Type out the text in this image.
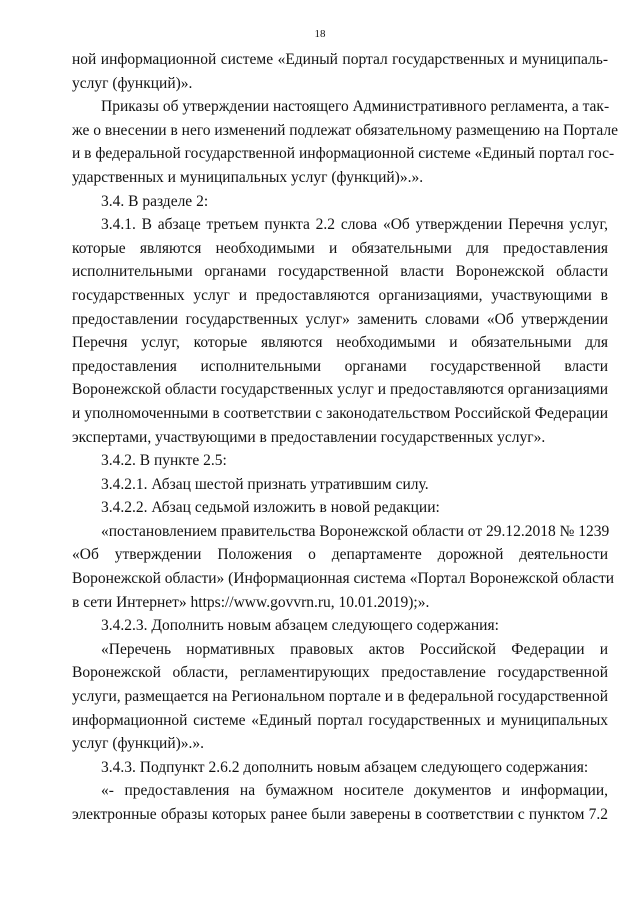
18
ной информационной системе «Единый портал государственных и муниципаль-
услуг (функций)».
Приказы об утверждении настоящего Административного регламента, а так-
же о внесении в него изменений подлежат обязательному размещению на Портале
и в федеральной государственной информационной системе «Единый портал гос-
ударственных и муниципальных услуг (функций)».».
3.4. В разделе 2:
3.4.1. В абзаце третьем пункта 2.2 слова «Об утверждении Перечня услуг,
которые являются необходимыми и обязательными для предоставления
исполнительными органами государственной власти Воронежской области
государственных услуг и предоставляются организациями, участвующими в
предоставлении государственных услуг» заменить словами «Об утверждении
Перечня услуг, которые являются необходимыми и обязательными для
предоставления исполнительными органами государственной власти
Воронежской области государственных услуг и предоставляются организациями
и уполномоченными в соответствии с законодательством Российской Федерации
экспертами, участвующими в предоставлении государственных услуг».
3.4.2. В пункте 2.5:
3.4.2.1. Абзац шестой признать утратившим силу.
3.4.2.2. Абзац седьмой изложить в новой редакции:
«постановлением правительства Воронежской области от 29.12.2018 № 1239
«Об утверждении Положения о департаменте дорожной деятельности
Воронежской области» (Информационная система «Портал Воронежской области
в сети Интернет» https://www.govvrn.ru, 10.01.2019);».
3.4.2.3. Дополнить новым абзацем следующего содержания:
«Перечень нормативных правовых актов Российской Федерации и
Воронежской области, регламентирующих предоставление государственной
услуги, размещается на Региональном портале и в федеральной государственной
информационной системе «Единый портал государственных и муниципальных
услуг (функций)».».
3.4.3. Подпункт 2.6.2 дополнить новым абзацем следующего содержания:
«- предоставления на бумажном носителе документов и информации,
электронные образы которых ранее были заверены в соответствии с пунктом 7.2
